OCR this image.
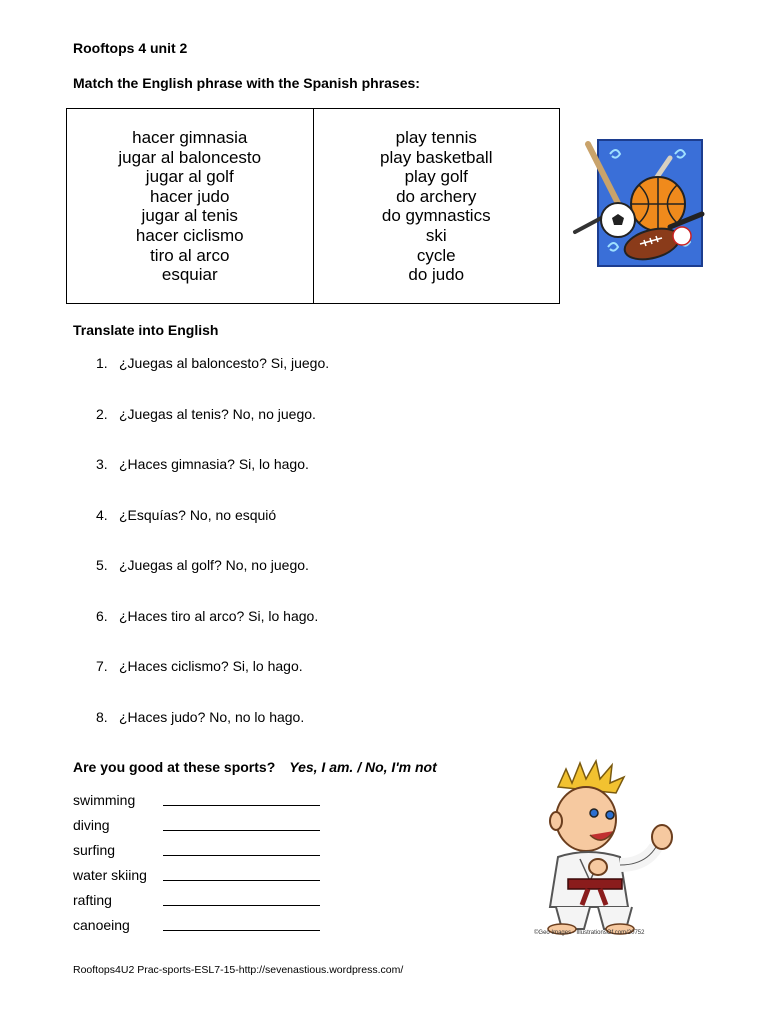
Rooftops 4 unit 2
Match the English phrase with the Spanish phrases:
hacer gimnasia
jugar al baloncesto
jugar al golf
hacer judo
jugar al tenis
hacer ciclismo
tiro al arco
esquiar
play tennis
play basketball
play golf
do archery
do gymnastics
ski
cycle
do judo
Translate into English
1. ¿Juegas al baloncesto? Si, juego.
2. ¿Juegas al tenis? No, no juego.
3. ¿Haces gimnasia? Si, lo hago.
4. ¿Esquías? No, no esquió
5. ¿Juegas al golf? No, no juego.
6. ¿Haces tiro al arco? Si, lo hago.
7. ¿Haces ciclismo? Si, lo hago.
8. ¿Haces judo? No, no lo hago.
Are you good at these sports? Yes, I am. / No, I'm not
swimming
diving
surfing
water skiing
rafting
canoeing	©Geo Images · IllustrationsOf.com/20752
Rooftops4U2 Prac-sports-ESL7-15-http://sevenastious.wordpress.com/
